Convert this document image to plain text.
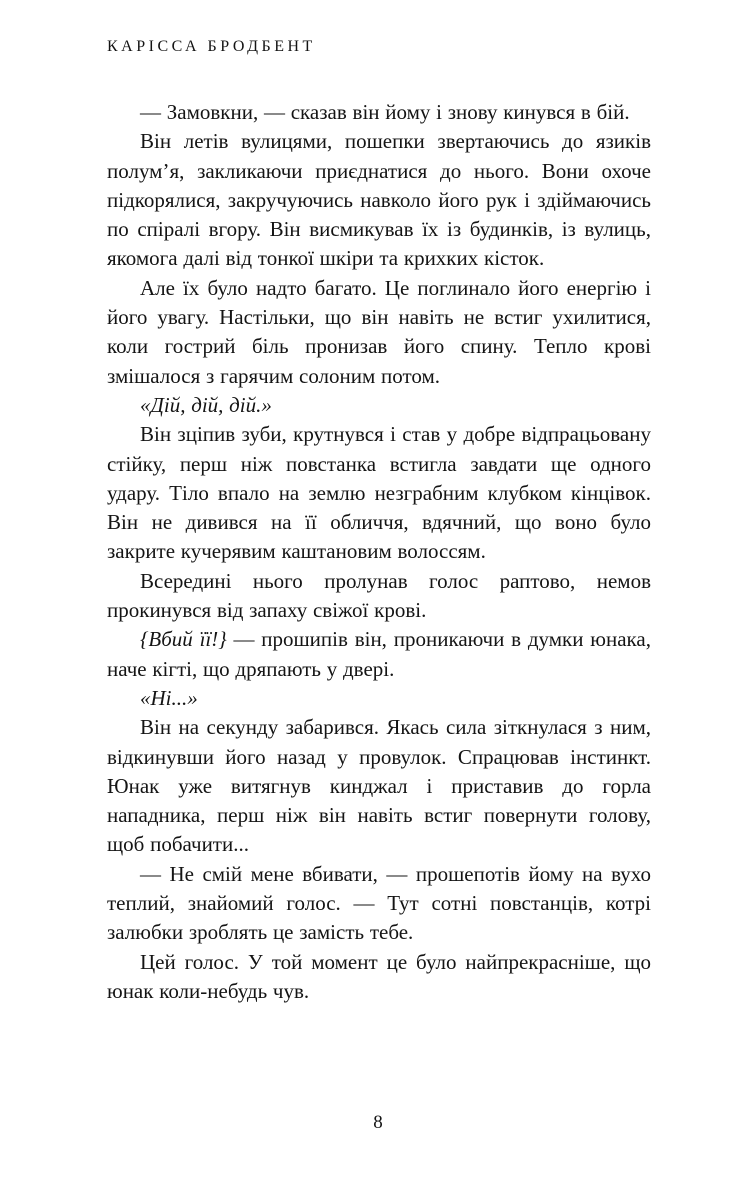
КАРІССА БРОДБЕНТ

— Замовкни, — сказав він йому і знову кинувся в бій.

Він летів вулицями, пошепки звертаючись до язиків полум’я, закликаючи приєднатися до нього. Вони охоче підкорялися, закручуючись навколо його рук і здіймаючись по спіралі вгору. Він висмикував їх із будинків, із вулиць, якомога далі від тонкої шкіри та крихких кісток.

Але їх було надто багато. Це поглинало його енергію і його увагу. Настільки, що він навіть не встиг ухилитися, коли гострий біль пронизав його спину. Тепло крові змішалося з гарячим солоним потом.

«Дій, дій, дій.»

Він зціпив зуби, крутнувся і став у добре відпрацьовану стійку, перш ніж повстанка встигла завдати ще одного удару. Тіло впало на землю незграбним клубком кінцівок. Він не дивився на її обличчя, вдячний, що воно було закрите кучерявим каштановим волоссям.

Всередині нього пролунав голос раптово, немов прокинувся від запаху свіжої крові.

{Вбий її!} — прошипів він, проникаючи в думки юнака, наче кігті, що дряпають у двері.

«Ні...»

Він на секунду забарився. Якась сила зіткнулася з ним, відкинувши його назад у провулок. Спрацював інстинкт. Юнак уже витягнув кинджал і приставив до горла нападника, перш ніж він навіть встиг повернути голову, щоб побачити...

— Не смій мене вбивати, — прошепотів йому на вухо теплий, знайомий голос. — Тут сотні повстанців, котрі залюбки зроблять це замість тебе.

Цей голос. У той момент це було найпрекрасніше, що юнак коли-небудь чув.

8
